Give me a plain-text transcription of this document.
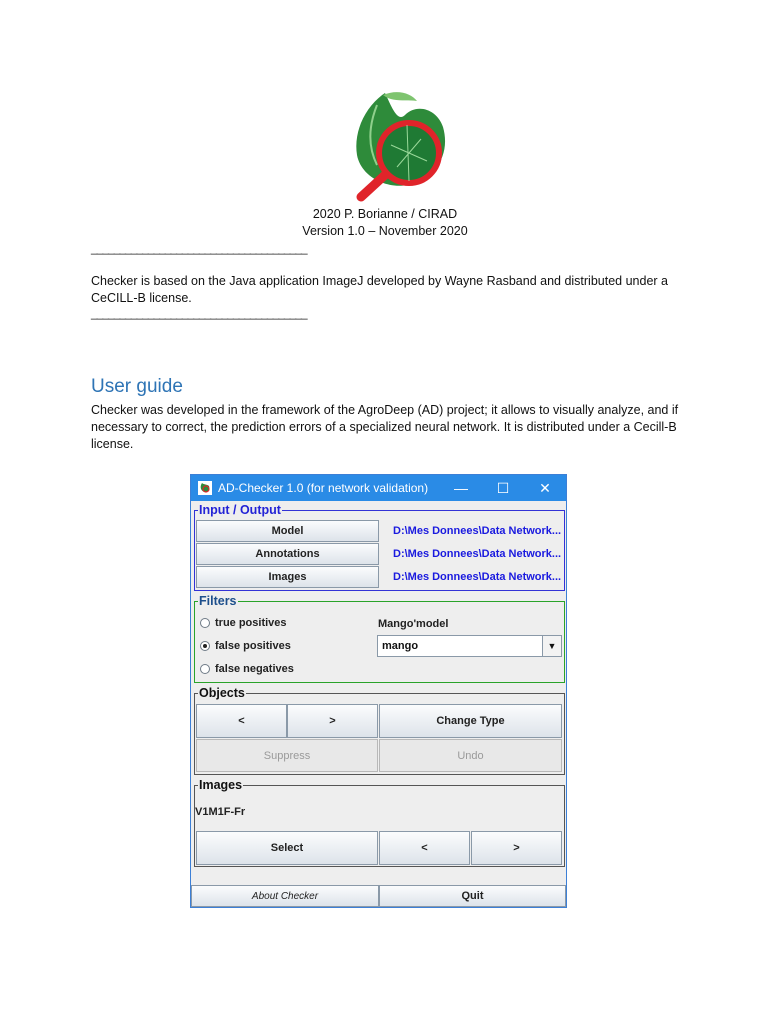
2020 P. Borianne / CIRAD
Version 1.0 – November 2020
______________________________________
Checker is based on the Java application ImageJ developed by Wayne Rasband and distributed under a CeCILL-B license.
______________________________________
User guide
Checker was developed in the framework of the AgroDeep (AD) project; it allows to visually analyze, and if necessary to correct, the prediction errors of a specialized neural network. It is distributed under a Cecill-B license.
AD-Checker 1.0 (for network validation)	—	☐	✕
Input / Output
Model	D:\Mes Donnees\Data Network...
Annotations	D:\Mes Donnees\Data Network...
Images	D:\Mes Donnees\Data Network...
Filters
true positives
false positives
false negatives
Mango'model
mango	▼
Objects
<	>	Change Type
Suppress	Undo
Images
V1M1F-Fr
Select	<	>
About Checker	Quit
